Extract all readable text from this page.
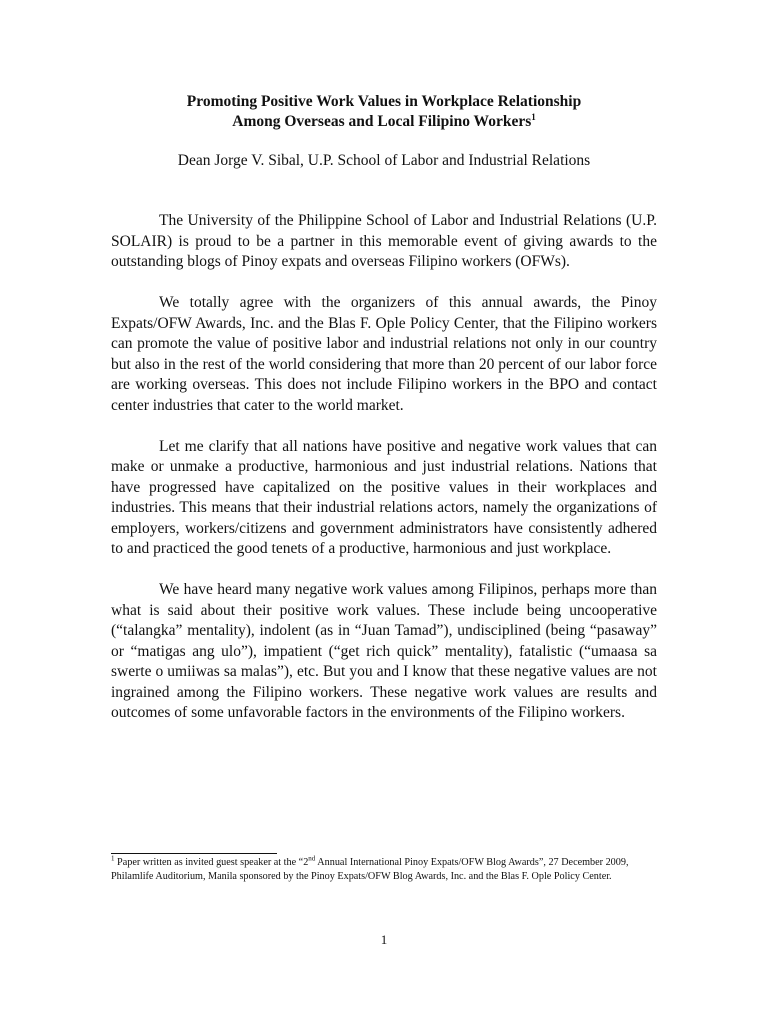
Promoting Positive Work Values in Workplace Relationship
Among Overseas and Local Filipino Workers$^1$
Dean Jorge V. Sibal, U.P. School of Labor and Industrial Relations

The University of the Philippine School of Labor and Industrial Relations (U.P. SOLAIR) is proud to be a partner in this memorable event of giving awards to the outstanding blogs of Pinoy expats and overseas Filipino workers (OFWs).

We totally agree with the organizers of this annual awards, the Pinoy Expats/OFW Awards, Inc. and the Blas F. Ople Policy Center, that the Filipino workers can promote the value of positive labor and industrial relations not only in our country but also in the rest of the world considering that more than 20 percent of our labor force are working overseas. This does not include Filipino workers in the BPO and contact center industries that cater to the world market.

Let me clarify that all nations have positive and negative work values that can make or unmake a productive, harmonious and just industrial relations. Nations that have progressed have capitalized on the positive values in their workplaces and industries. This means that their industrial relations actors, namely the organizations of employers, workers/citizens and government administrators have consistently adhered to and practiced the good tenets of a productive, harmonious and just workplace.

We have heard many negative work values among Filipinos, perhaps more than what is said about their positive work values. These include being uncooperative (“talangka” mentality), indolent (as in “Juan Tamad”), undisciplined (being “pasaway” or “matigas ang ulo”), impatient (“get rich quick” mentality), fatalistic (“umaasa sa swerte o umiiwas sa malas”), etc. But you and I know that these negative values are not ingrained among the Filipino workers. These negative work values are results and outcomes of some unfavorable factors in the environments of the Filipino workers.

$^1$ Paper written as invited guest speaker at the “2nd Annual International Pinoy Expats/OFW Blog Awards”, 27 December 2009, Philamlife Auditorium, Manila sponsored by the Pinoy Expats/OFW Blog Awards, Inc. and the Blas F. Ople Policy Center.
1
